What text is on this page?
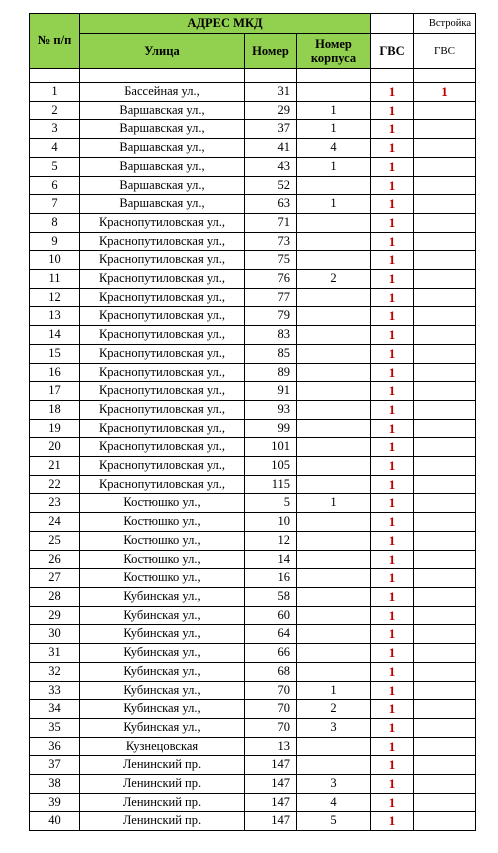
№ п/п	АДРЕС МКД				Встройка
	Улица	Номер	Номер корпуса	ГВС	ГВС

1	Бассейная ул.,	31		1	1
2	Варшавская ул.,	29	1	1	
3	Варшавская ул.,	37	1	1	
4	Варшавская ул.,	41	4	1	
5	Варшавская ул.,	43	1	1	
6	Варшавская ул.,	52		1	
7	Варшавская ул.,	63	1	1	
8	Краснопутиловская ул.,	71		1	
9	Краснопутиловская ул.,	73		1	
10	Краснопутиловская ул.,	75		1	
11	Краснопутиловская ул.,	76	2	1	
12	Краснопутиловская ул.,	77		1	
13	Краснопутиловская ул.,	79		1	
14	Краснопутиловская ул.,	83		1	
15	Краснопутиловская ул.,	85		1	
16	Краснопутиловская ул.,	89		1	
17	Краснопутиловская ул.,	91		1	
18	Краснопутиловская ул.,	93		1	
19	Краснопутиловская ул.,	99		1	
20	Краснопутиловская ул.,	101		1	
21	Краснопутиловская ул.,	105		1	
22	Краснопутиловская ул.,	115		1	
23	Костюшко ул.,	5	1	1	
24	Костюшко ул.,	10		1	
25	Костюшко ул.,	12		1	
26	Костюшко ул.,	14		1	
27	Костюшко ул.,	16		1	
28	Кубинская ул.,	58		1	
29	Кубинская ул.,	60		1	
30	Кубинская ул.,	64		1	
31	Кубинская ул.,	66		1	
32	Кубинская ул.,	68		1	
33	Кубинская ул.,	70	1	1	
34	Кубинская ул.,	70	2	1	
35	Кубинская ул.,	70	3	1	
36	Кузнецовская	13		1	
37	Ленинский пр.	147		1	
38	Ленинский пр.	147	3	1	
39	Ленинский пр.	147	4	1	
40	Ленинский пр.	147	5	1	
